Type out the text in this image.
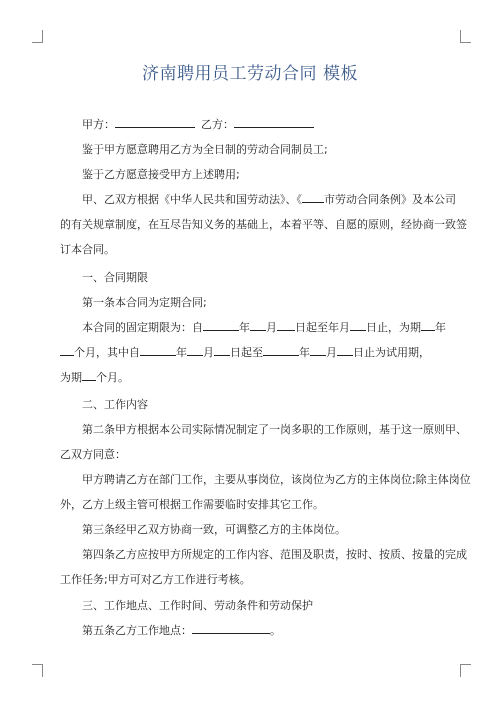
济南聘用员工劳动合同 模板
甲方：	乙方：
鉴于甲方愿意聘用乙方为全日制的劳动合同制员工;
鉴于乙方愿意接受甲方上述聘用;
甲、乙双方根据《中华人民共和国劳动法》、《 市劳动合同条例》及本公司
的有关规章制度，在互尽告知义务的基础上，本着平等、自愿的原则，经协商一致签
订本合同。
一、合同期限
第一条本合同为定期合同;
本合同的固定期限为：自	年 月 日起至年月 日止，为期 年
个月，其中自	年 月 日起至	年 月 日止为试用期，
为期 个月。
二、工作内容
第二条甲方根据本公司实际情况制定了一岗多职的工作原则，基于这一原则甲、
乙双方同意：
甲方聘请乙方在部门工作，主要从事岗位，该岗位为乙方的主体岗位;除主体岗位
外，乙方上级主管可根据工作需要临时安排其它工作。
第三条经甲乙双方协商一致，可调整乙方的主体岗位。
第四条乙方应按甲方所规定的工作内容、范围及职责，按时、按质、按量的完成
工作任务;甲方可对乙方工作进行考核。
三、工作地点、工作时间、劳动条件和劳动保护
第五条乙方工作地点：	。
